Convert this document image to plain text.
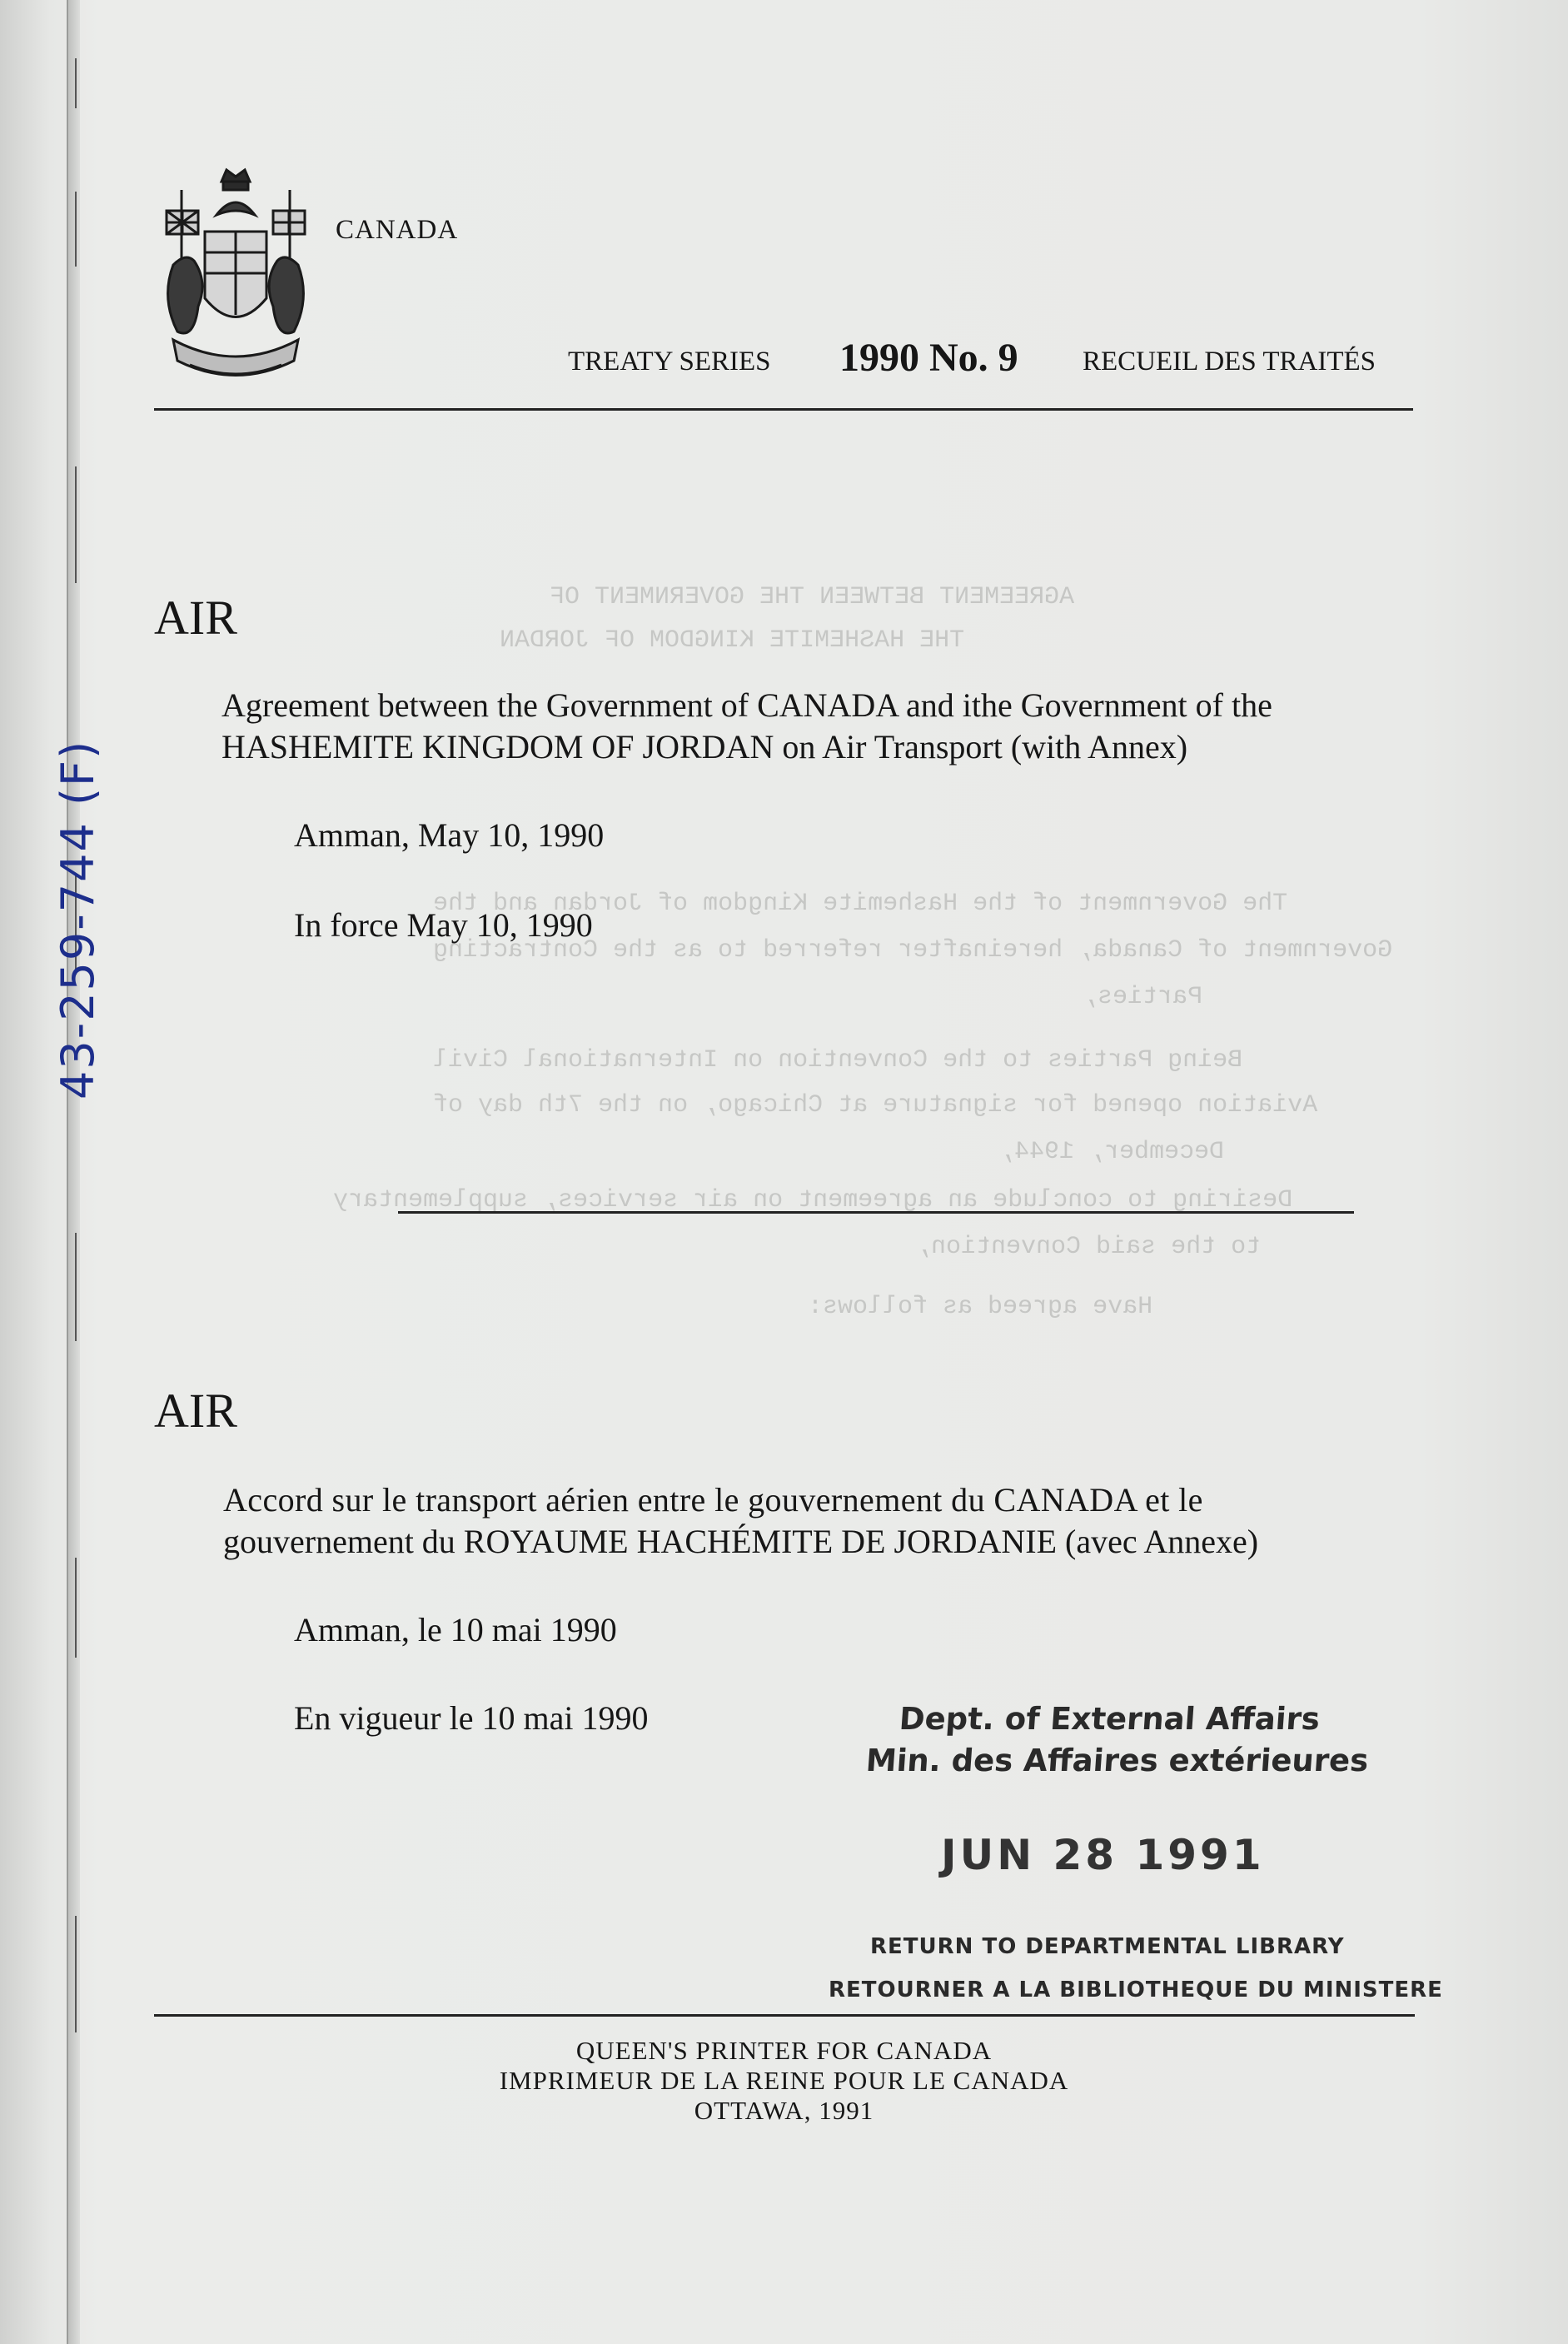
CANADA
TREATY SERIES 1990 No. 9 RECUEIL DES TRAITÉS
AGREEMENT BETWEEN THE GOVERNMENT OF
THE HASHEMITE KINGDOM OF JORDAN
The Government of the Hashemite Kingdom of Jordan and the
Government of Canada, hereinafter referred to as the Contracting
Parties,
Being Parties to the Convention on International Civil
Aviation opened for signature at Chicago, on the 7th day of
December, 1944,
Desiring to conclude an agreement on air services, supplementary
to the said Convention,
Have agreed as follows:
AIR
Agreement between the Government of CANADA and ithe Government of the
HASHEMITE KINGDOM OF JORDAN on Air Transport (with Annex)
Amman, May 10, 1990
In force May 10, 1990
AIR
Accord sur le transport aérien entre le gouvernement du CANADA et le
gouvernement du ROYAUME HACHÉMITE DE JORDANIE (avec Annexe)
Amman, le 10 mai 1990
En vigueur le 10 mai 1990	Dept. of External Affairs
Min. des Affaires extérieures
JUN 28 1991
RETURN TO DEPARTMENTAL LIBRARY
RETOURNER A LA BIBLIOTHEQUE DU MINISTERE
43-259-744 (F)
QUEEN'S PRINTER FOR CANADA
IMPRIMEUR DE LA REINE POUR LE CANADA
OTTAWA, 1991
